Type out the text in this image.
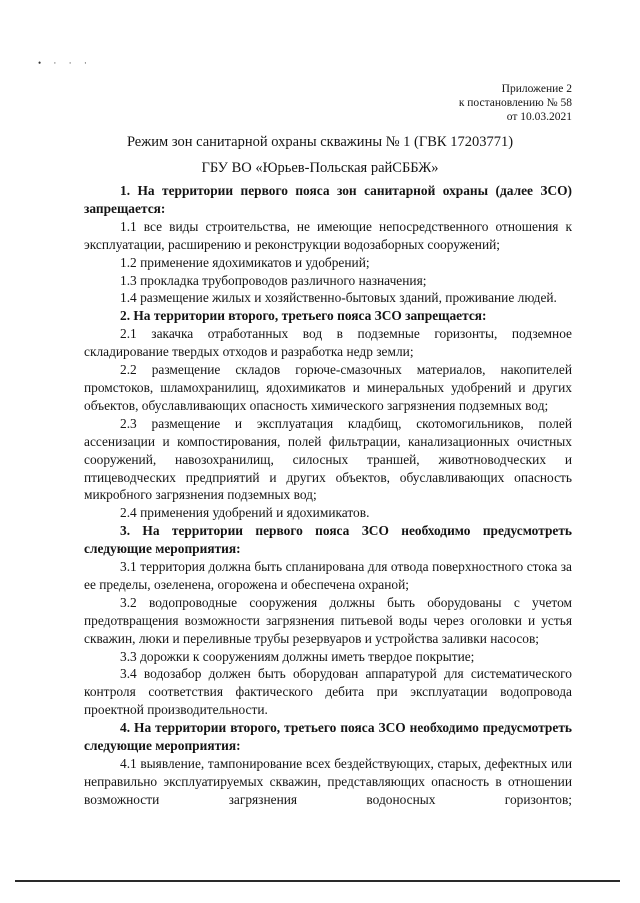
• · · ·
Приложение 2
к постановлению № 58
от 10.03.2021
Режим зон санитарной охраны скважины № 1 (ГВК 17203771)
ГБУ ВО «Юрьев-Польская райСББЖ»

1. На территории первого пояса зон санитарной охраны (далее ЗСО) запрещается:

1.1 все виды строительства, не имеющие непосредственного отношения к эксплуатации, расширению и реконструкции водозаборных сооружений;

1.2 применение ядохимикатов и удобрений;

1.3 прокладка трубопроводов различного назначения;

1.4 размещение жилых и хозяйственно-бытовых зданий, проживание людей.

2. На территории второго, третьего пояса ЗСО запрещается:

2.1 закачка отработанных вод в подземные горизонты, подземное складирование твердых отходов и разработка недр земли;

2.2 размещение складов горюче-смазочных материалов, накопителей промстоков, шламохранилищ, ядохимикатов и минеральных удобрений и других объектов, обуславливающих опасность химического загрязнения подземных вод;

2.3 размещение и эксплуатация кладбищ, скотомогильников, полей ассенизации и компостирования, полей фильтрации, канализационных очистных сооружений, навозохранилищ, силосных траншей, животноводческих и птицеводческих предприятий и других объектов, обуславливающих опасность микробного загрязнения подземных вод;

2.4 применения удобрений и ядохимикатов.

3. На территории первого пояса ЗСО необходимо предусмотреть следующие мероприятия:

3.1 территория должна быть спланирована для отвода поверхностного стока за ее пределы, озеленена, огорожена и обеспечена охраной;

3.2 водопроводные сооружения должны быть оборудованы с учетом предотвращения возможности загрязнения питьевой воды через оголовки и устья скважин, люки и переливные трубы резервуаров и устройства заливки насосов;

3.3 дорожки к сооружениям должны иметь твердое покрытие;

3.4 водозабор должен быть оборудован аппаратурой для систематического контроля соответствия фактического дебита при эксплуатации водопровода проектной производительности.

4. На территории второго, третьего пояса ЗСО необходимо предусмотреть следующие мероприятия:

4.1 выявление, тампонирование всех бездействующих, старых, дефектных или неправильно эксплуатируемых скважин, представляющих опасность в отношении возможности загрязнения водоносных горизонтов;
